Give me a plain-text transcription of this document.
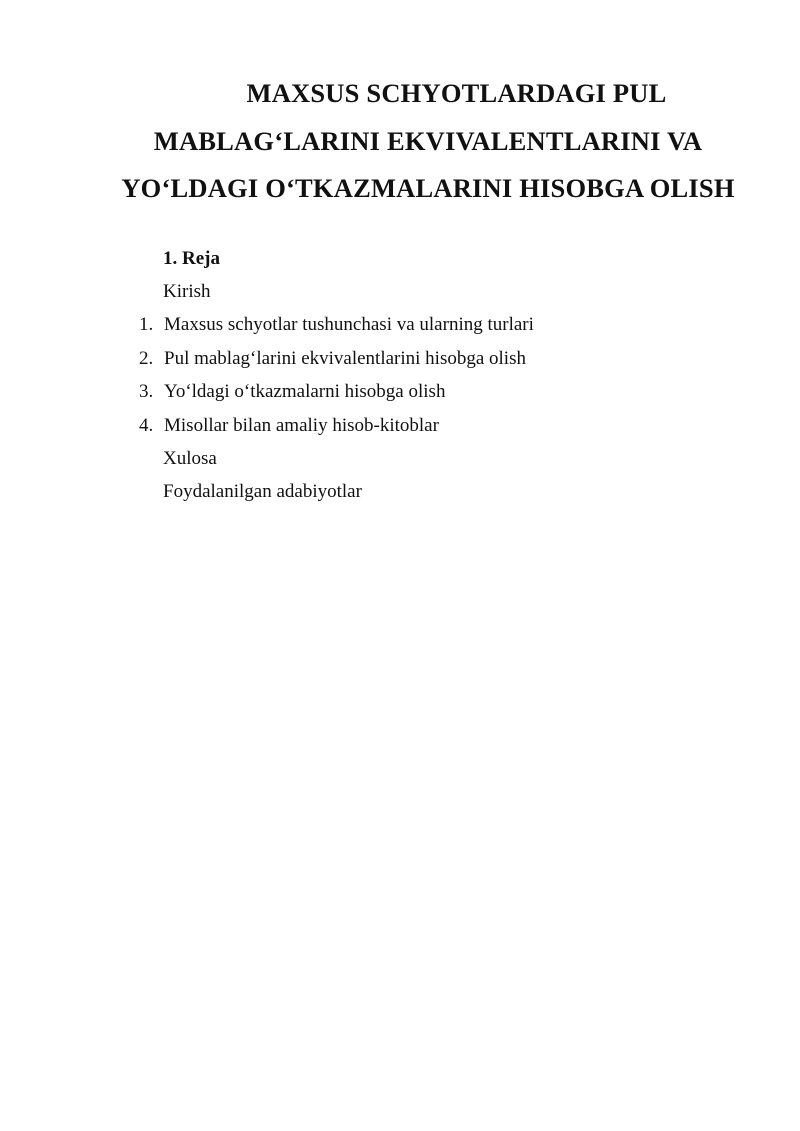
MAXSUS SCHYOTLARDAGI PUL
MABLAG‘LARINI EKVIVALENTLARINI VA
YO‘LDAGI O‘TKAZMALARINI HISOBGA OLISH

1. Reja

Kirish

1. Maxsus schyotlar tushunchasi va ularning turlari
2. Pul mablag‘larini ekvivalentlarini hisobga olish
3. Yo‘ldagi o‘tkazmalarni hisobga olish
4. Misollar bilan amaliy hisob-kitoblar

Xulosa

Foydalanilgan adabiyotlar
